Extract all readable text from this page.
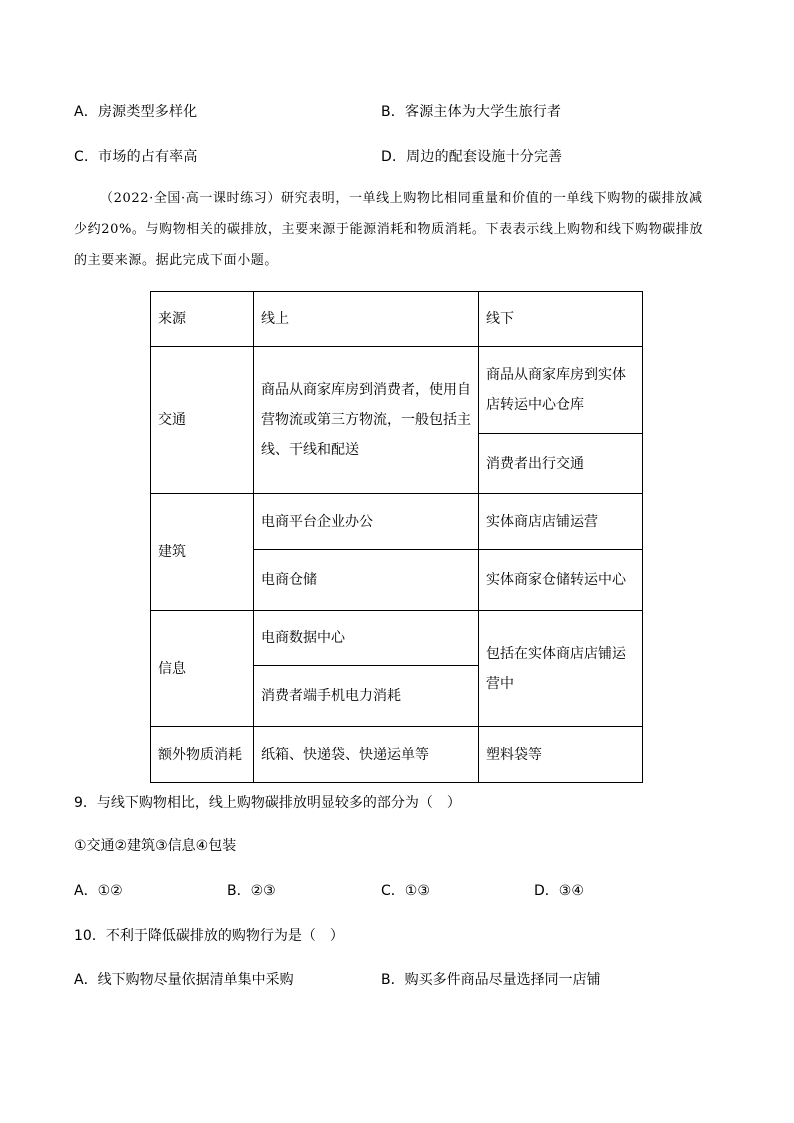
A．房源类型多样化	B．客源主体为大学生旅行者
C．市场的占有率高	D．周边的配套设施十分完善

（2022·全国·高一课时练习）研究表明，一单线上购物比相同重量和价值的一单线下购物的碳排放减

少约20%。与购物相关的碳排放，主要来源于能源消耗和物质消耗。下表表示线上购物和线下购物碳排放

的主要来源。据此完成下面小题。

来源	线上	线下
交通	商品从商家库房到消费者，使用自营物流或第三方物流，一般包括主线、干线和配送	商品从商家库房到实体店转运中心仓库
		消费者出行交通
建筑	电商平台企业办公	实体商店店铺运营
	电商仓储	实体商家仓储转运中心
信息	电商数据中心	包括在实体商店店铺运营中
	消费者端手机电力消耗	
额外物质消耗	纸箱、快递袋、快递运单等	塑料袋等
9．与线下购物相比，线上购物碳排放明显较多的部分为（　）
①交通②建筑③信息④包装
A．①②	B．②③	C．①③	D．③④
10．不利于降低碳排放的购物行为是（　）
A．线下购物尽量依据清单集中采购	B．购买多件商品尽量选择同一店铺
